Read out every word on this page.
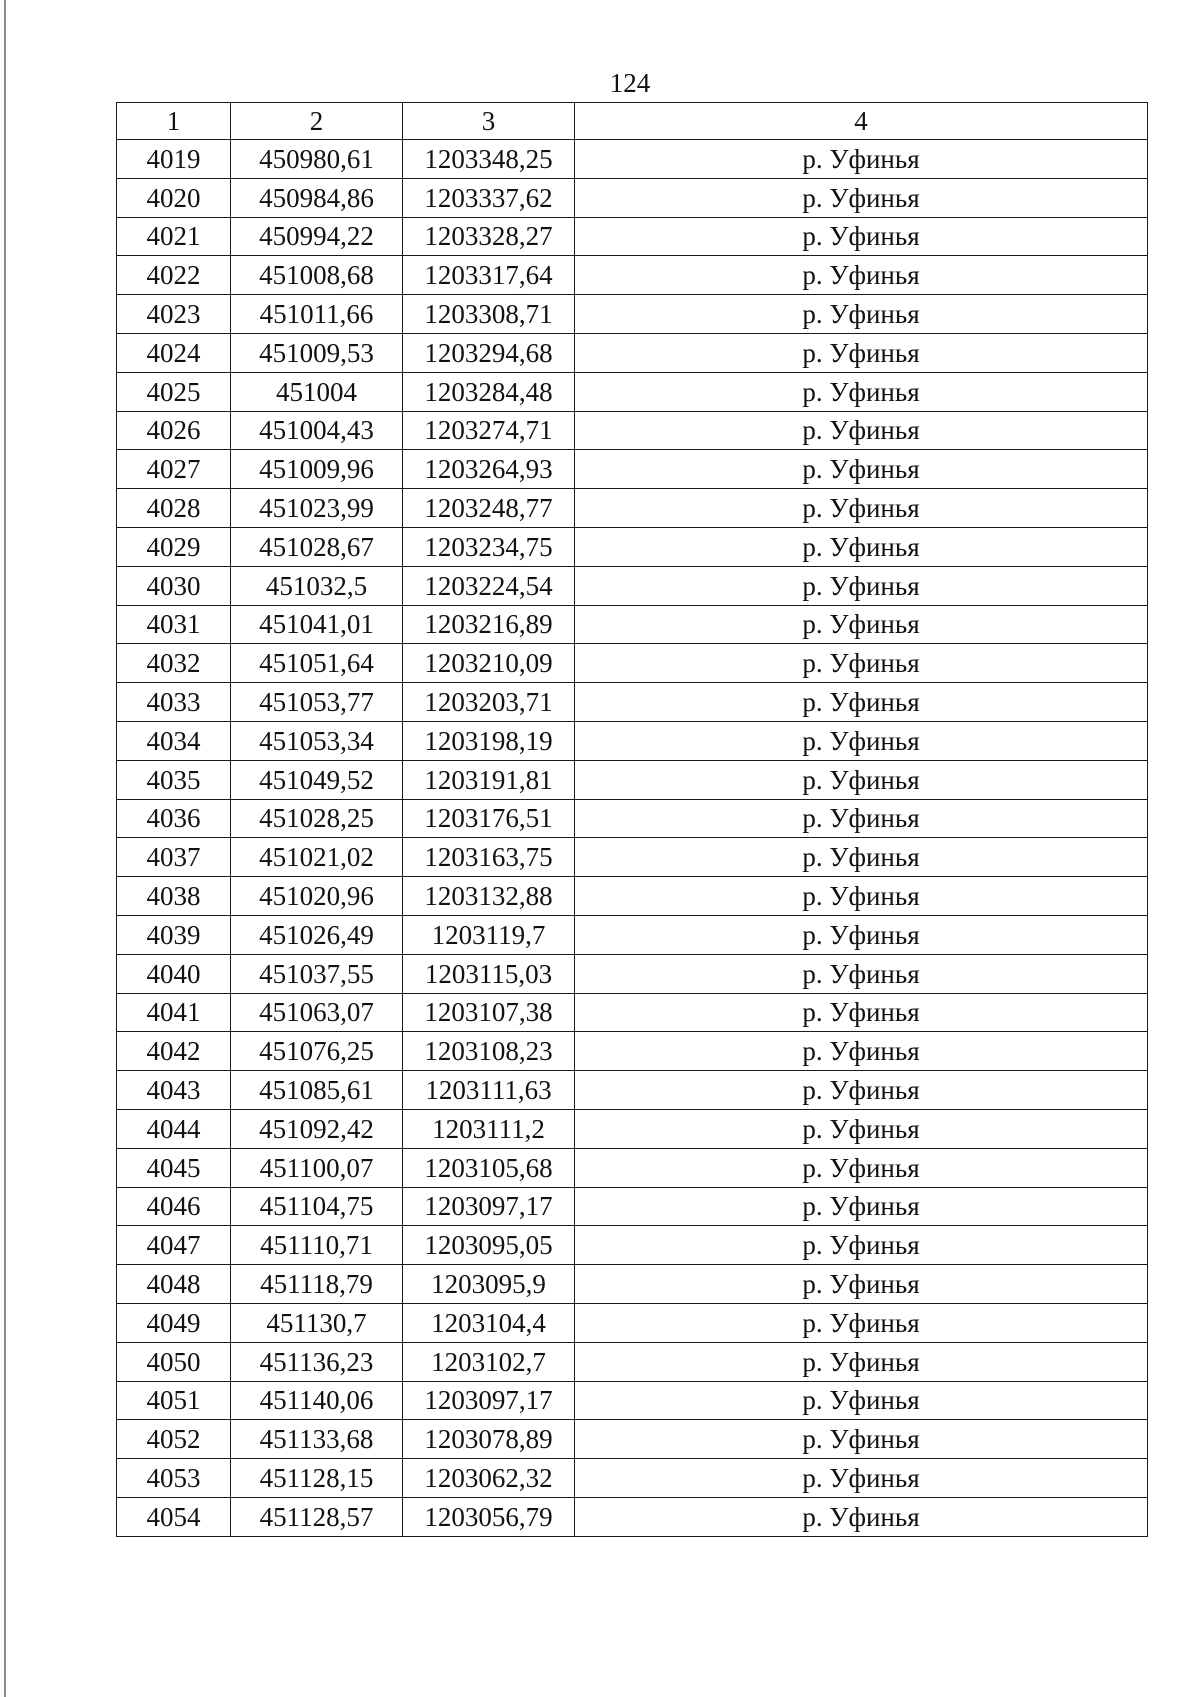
124
1	2	3	4
4019	450980,61	1203348,25	р. Уфинья
4020	450984,86	1203337,62	р. Уфинья
4021	450994,22	1203328,27	р. Уфинья
4022	451008,68	1203317,64	р. Уфинья
4023	451011,66	1203308,71	р. Уфинья
4024	451009,53	1203294,68	р. Уфинья
4025	451004	1203284,48	р. Уфинья
4026	451004,43	1203274,71	р. Уфинья
4027	451009,96	1203264,93	р. Уфинья
4028	451023,99	1203248,77	р. Уфинья
4029	451028,67	1203234,75	р. Уфинья
4030	451032,5	1203224,54	р. Уфинья
4031	451041,01	1203216,89	р. Уфинья
4032	451051,64	1203210,09	р. Уфинья
4033	451053,77	1203203,71	р. Уфинья
4034	451053,34	1203198,19	р. Уфинья
4035	451049,52	1203191,81	р. Уфинья
4036	451028,25	1203176,51	р. Уфинья
4037	451021,02	1203163,75	р. Уфинья
4038	451020,96	1203132,88	р. Уфинья
4039	451026,49	1203119,7	р. Уфинья
4040	451037,55	1203115,03	р. Уфинья
4041	451063,07	1203107,38	р. Уфинья
4042	451076,25	1203108,23	р. Уфинья
4043	451085,61	1203111,63	р. Уфинья
4044	451092,42	1203111,2	р. Уфинья
4045	451100,07	1203105,68	р. Уфинья
4046	451104,75	1203097,17	р. Уфинья
4047	451110,71	1203095,05	р. Уфинья
4048	451118,79	1203095,9	р. Уфинья
4049	451130,7	1203104,4	р. Уфинья
4050	451136,23	1203102,7	р. Уфинья
4051	451140,06	1203097,17	р. Уфинья
4052	451133,68	1203078,89	р. Уфинья
4053	451128,15	1203062,32	р. Уфинья
4054	451128,57	1203056,79	р. Уфинья
